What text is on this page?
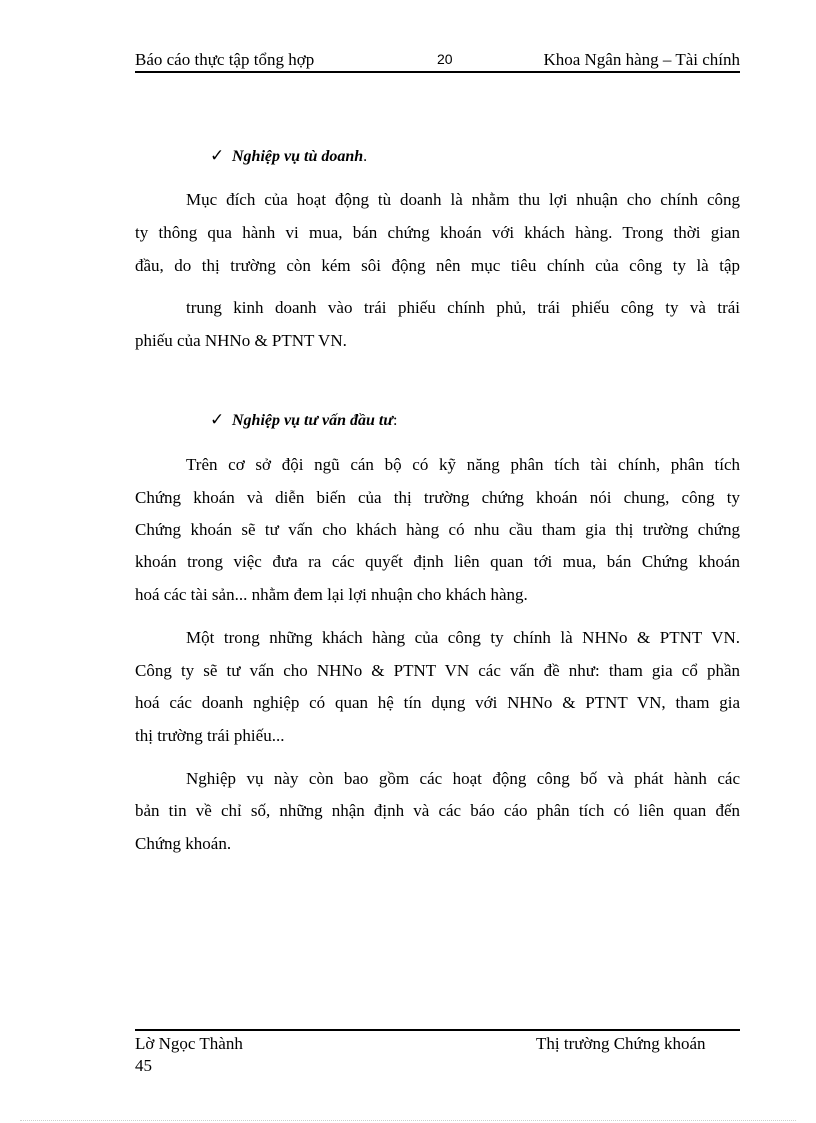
Báo cáo thực tập tổng hợp	20	Khoa Ngân hàng – Tài chính
✓ Nghiệp vụ tù doanh.
Mục đích của hoạt động tù doanh là nhằm thu lợi nhuận cho chính công
ty thông qua hành vi mua, bán chứng khoán với khách hàng. Trong thời gian
đầu, do thị trường còn kém sôi động nên mục tiêu chính của công ty là tập
trung kinh doanh vào trái phiếu chính phủ, trái phiếu công ty và trái
phiếu của NHNo & PTNT VN.
✓ Nghiệp vụ tư vấn đầu tư:
Trên cơ sở đội ngũ cán bộ có kỹ năng phân tích tài chính, phân tích
Chứng khoán và diễn biến của thị trường chứng khoán nói chung, công ty
Chứng khoán sẽ tư vấn cho khách hàng có nhu cầu tham gia thị trường chứng
khoán trong việc đưa ra các quyết định liên quan tới mua, bán Chứng khoán
hoá các tài sản... nhằm đem lại lợi nhuận cho khách hàng.
Một trong những khách hàng của công ty chính là NHNo & PTNT VN.
Công ty sẽ tư vấn cho NHNo & PTNT VN các vấn đề như: tham gia cổ phần
hoá các doanh nghiệp có quan hệ tín dụng với NHNo & PTNT VN, tham gia
thị trường trái phiếu...
Nghiệp vụ này còn bao gồm các hoạt động công bố và phát hành các
bản tin về chỉ số, những nhận định và các báo cáo phân tích có liên quan đến
Chứng khoán.
Lờ Ngọc Thành	Thị trường Chứng khoán
45
